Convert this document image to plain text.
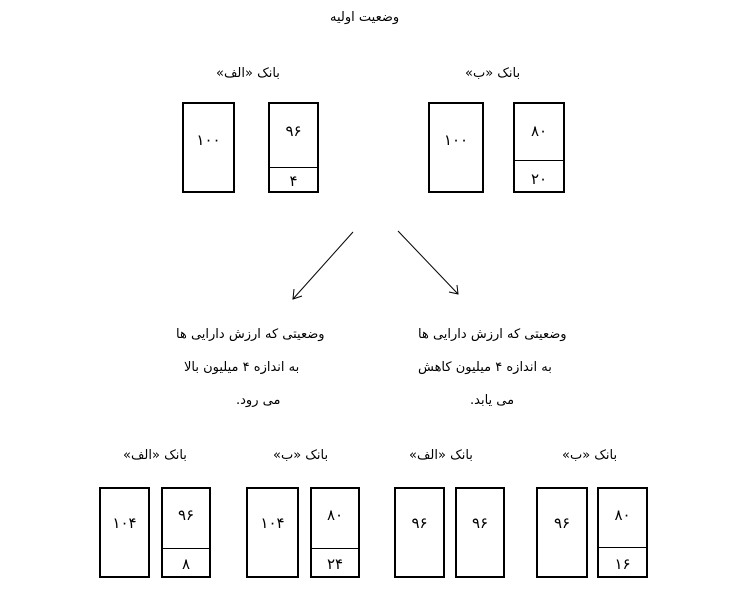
وضعیت اولیه
بانک «الف»
۱۰۰	۹۶
۴
بانک «ب»
۱۰۰	۸۰
۲۰
وضعیتی که ارزش دارایی ها
به اندازه ۴ میلیون بالا
می رود.
وضعیتی که ارزش دارایی ها
به اندازه ۴ میلیون کاهش
می یابد.
بانک «الف»
۱۰۴	۹۶
۸
بانک «ب»
۱۰۴	۸۰
۲۴
بانک «الف»
۹۶	۹۶
بانک «ب»
۹۶	۸۰
۱۶
